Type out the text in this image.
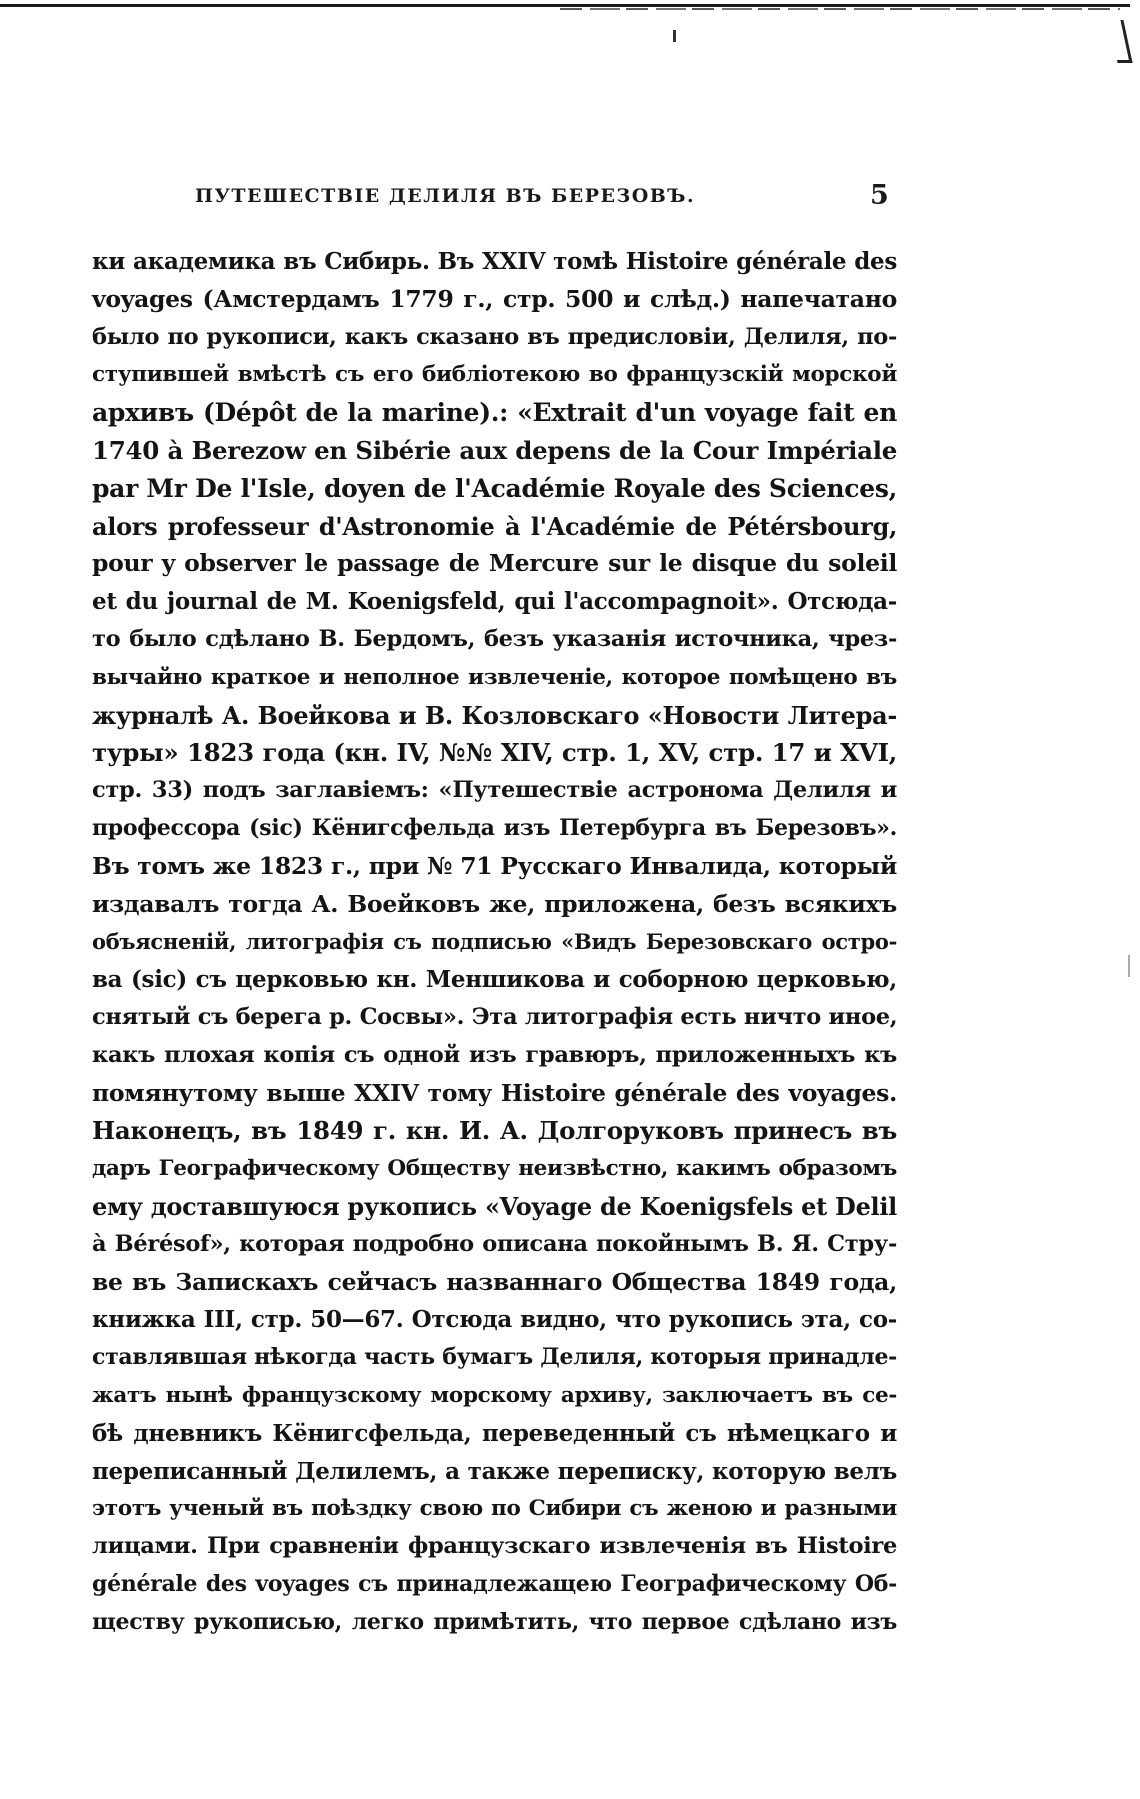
ПУТЕШЕСТВІЕ ДЕЛИЛЯ ВЪ БЕРЕЗОВЪ.	5
ки академика въ Сибирь. Въ XXIV томѣ Histoire générale des
voyages (Амстердамъ 1779 г., стр. 500 и слѣд.) напечатано
было по рукописи, какъ сказано въ предисловіи, Делиля, по-
ступившей вмѣстѣ съ его библіотекою во французскій морской
архивъ (Dépôt de la marine).: «Extrait d'un voyage fait en
1740 à Berezow en Sibérie aux depens de la Cour Impériale
par Mr De l'Isle, doyen de l'Académie Royale des Sciences,
alors professeur d'Astronomie à l'Académie de Pétérsbourg,
pour y observer le passage de Mercure sur le disque du soleil
et du journal de M. Koenigsfeld, qui l'accompagnoit». Отсюда-
то было сдѣлано В. Бердомъ, безъ указанія источника, чрез-
вычайно краткое и неполное извлеченіе, которое помѣщено въ
журналѣ А. Воейкова и В. Козловскаго «Новости Литера-
туры» 1823 года (кн. IV, №№ XIV, стр. 1, XV, стр. 17 и XVI,
стр. 33) подъ заглавіемъ: «Путешествіе астронома Делиля и
профессора (sic) Кёнигсфельда изъ Петербурга въ Березовъ».
Въ томъ же 1823 г., при № 71 Русскаго Инвалида, который
издавалъ тогда А. Воейковъ же, приложена, безъ всякихъ
объясненій, литографія съ подписью «Видъ Березовскаго остро-
ва (sic) съ церковью кн. Меншикова и соборною церковью,
снятый съ берега р. Сосвы». Эта литографія есть ничто иное,
какъ плохая копія съ одной изъ гравюръ, приложенныхъ къ
помянутому выше XXIV тому Histoire générale des voyages.
Наконецъ, въ 1849 г. кн. И. А. Долгоруковъ принесъ въ
даръ Географическому Обществу неизвѣстно, какимъ образомъ
ему доставшуюся рукопись «Voyage de Koenigsfels et Delil
à Bérésof», которая подробно описана покойнымъ В. Я. Стру-
ве въ Запискахъ сейчасъ названнаго Общества 1849 года,
книжка III, стр. 50—67. Отсюда видно, что рукопись эта, со-
ставлявшая нѣкогда часть бумагъ Делиля, которыя принадле-
жатъ нынѣ французскому морскому архиву, заключаетъ въ се-
бѣ дневникъ Кёнигсфельда, переведенный съ нѣмецкаго и
переписанный Делилемъ, а также переписку, которую велъ
этотъ ученый въ поѣздку свою по Сибири съ женою и разными
лицами. При сравненіи французскаго извлеченія въ Histoire
générale des voyages съ принадлежащею Географическому Об-
ществу рукописью, легко примѣтить, что первое сдѣлано изъ
